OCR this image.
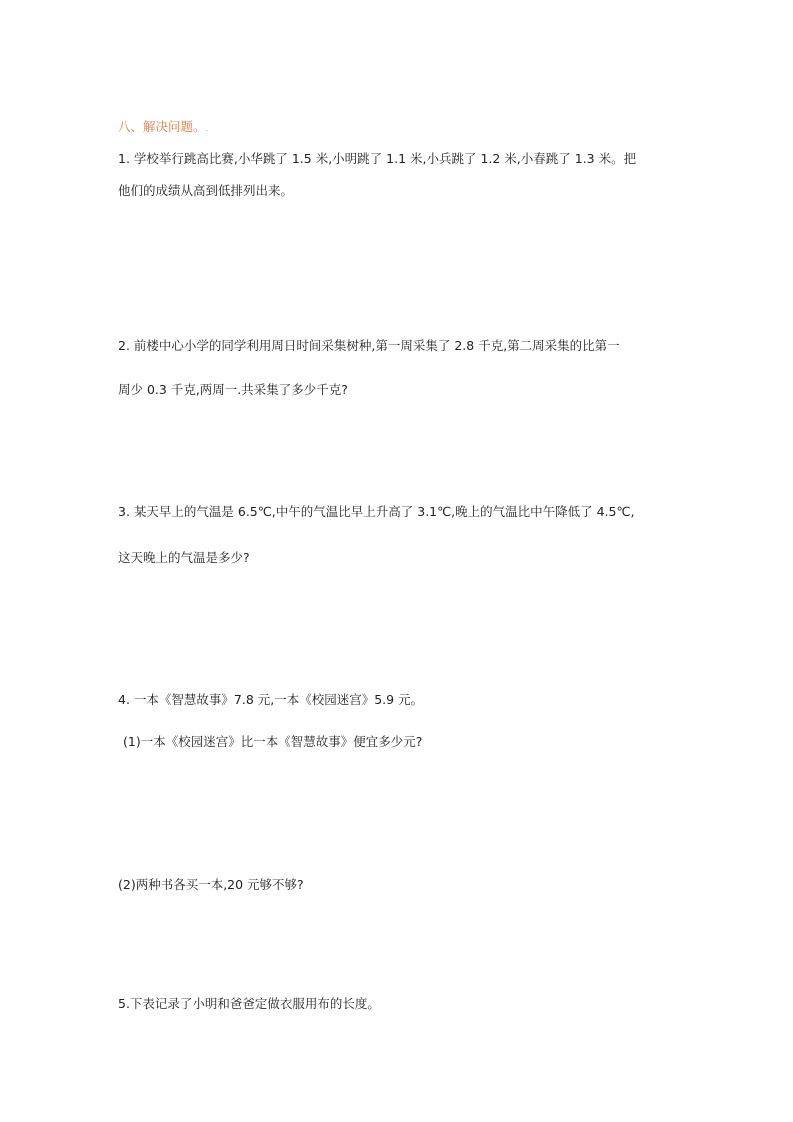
八、解决问题。.
1. 学校举行跳高比赛,小华跳了 1.5 米,小明跳了 1.1 米,小兵跳了 1.2 米,小春跳了 1.3 米。把
他们的成绩从高到低排列出来。
2. 前楼中心小学的同学利用周日时间采集树种,第一周采集了 2.8 千克,第二周采集的比第一
周少 0.3 千克,两周一.共采集了多少千克?
3. 某天早上的气温是 6.5℃,中午的气温比早上升高了 3.1℃,晚上的气温比中午降低了 4.5℃,
这天晚上的气温是多少?
4. 一本《智慧故事》7.8 元,一本《校园迷宫》5.9 元。
(1)一本《校园迷宫》比一本《智慧故事》便宜多少元?
(2)两种书各买一本,20 元够不够?
5.下表记录了小明和爸爸定做衣服用布的长度。
